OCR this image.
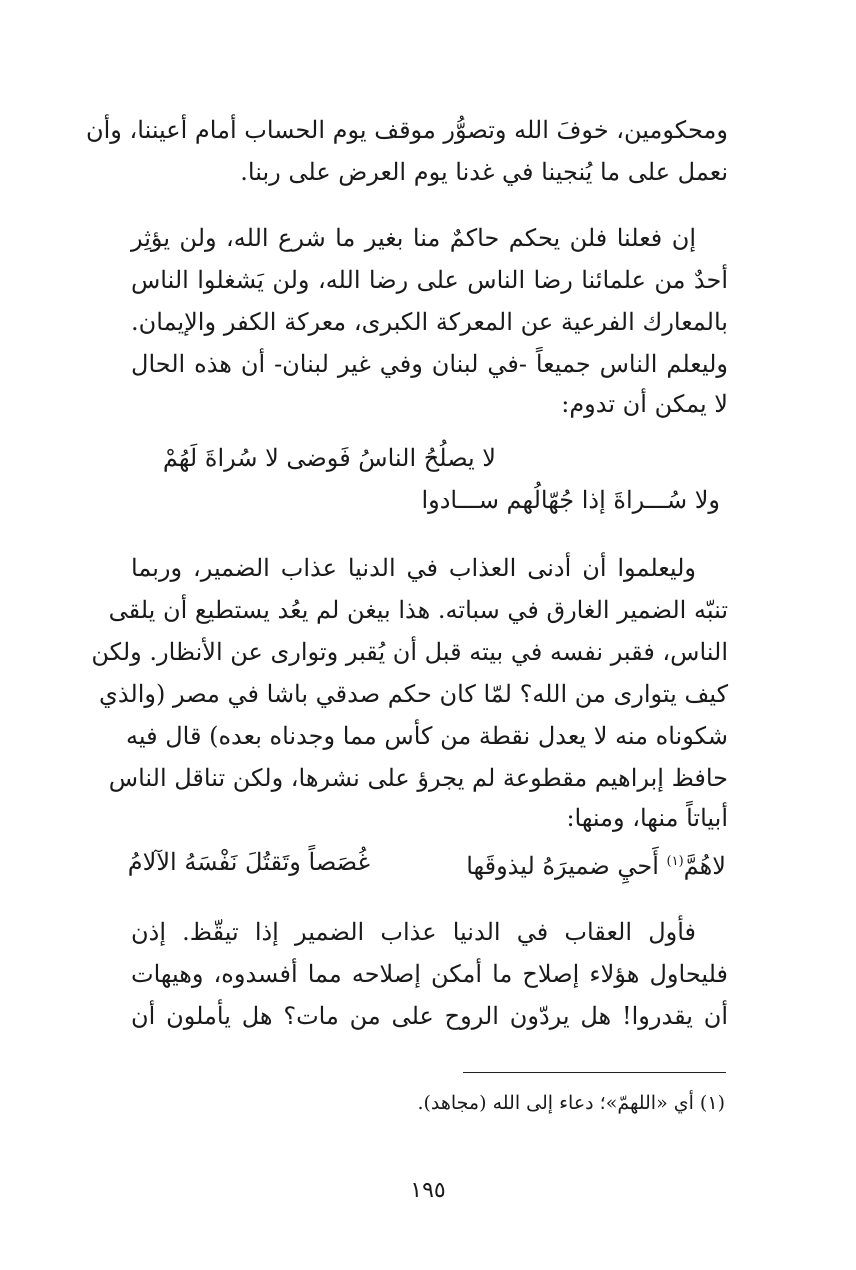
ومحكومين، خوفَ الله وتصوُّر موقف يوم الحساب أمام أعيننا، وأن
نعمل على ما يُنجينا في غدنا يوم العرض على ربنا.
إن فعلنا فلن يحكم حاكمٌ منا بغير ما شرع الله، ولن يؤثِر
أحدٌ من علمائنا رضا الناس على رضا الله، ولن يَشغلوا الناس
بالمعارك الفرعية عن المعركة الكبرى، معركة الكفر والإيمان.
وليعلم الناس جميعاً -في لبنان وفي غير لبنان- أن هذه الحال
لا يمكن أن تدوم:
لا يصلُحُ الناسُ فَوضى لا سُراةَ لَهُمْ
ولا سُـــراةَ إذا جُهّالُهم ســـادوا
وليعلموا أن أدنى العذاب في الدنيا عذاب الضمير، وربما
تنبّه الضمير الغارق في سباته. هذا بيغن لم يعُد يستطيع أن يلقى
الناس، فقبر نفسه في بيته قبل أن يُقبر وتوارى عن الأنظار. ولكن
كيف يتوارى من الله؟ لمّا كان حكم صدقي باشا في مصر (والذي
شكوناه منه لا يعدل نقطة من كأس مما وجدناه بعده) قال فيه
حافظ إبراهيم مقطوعة لم يجرؤ على نشرها، ولكن تناقل الناس
أبياتاً منها، ومنها:
لاهُمَّ$^{(١)}$ أَحيِ ضميرَهُ ليذوقَها
غُصَصاً وتَقتُلَ نَفْسَهُ الآلامُ
فأول العقاب في الدنيا عذاب الضمير إذا تيقّظ. إذن
فليحاول هؤلاء إصلاح ما أمكن إصلاحه مما أفسدوه، وهيهات
أن يقدروا! هل يردّون الروح على من مات؟ هل يأملون أن
(١) أي «اللهمّ»؛ دعاء إلى الله (مجاهد).
١٩٥
